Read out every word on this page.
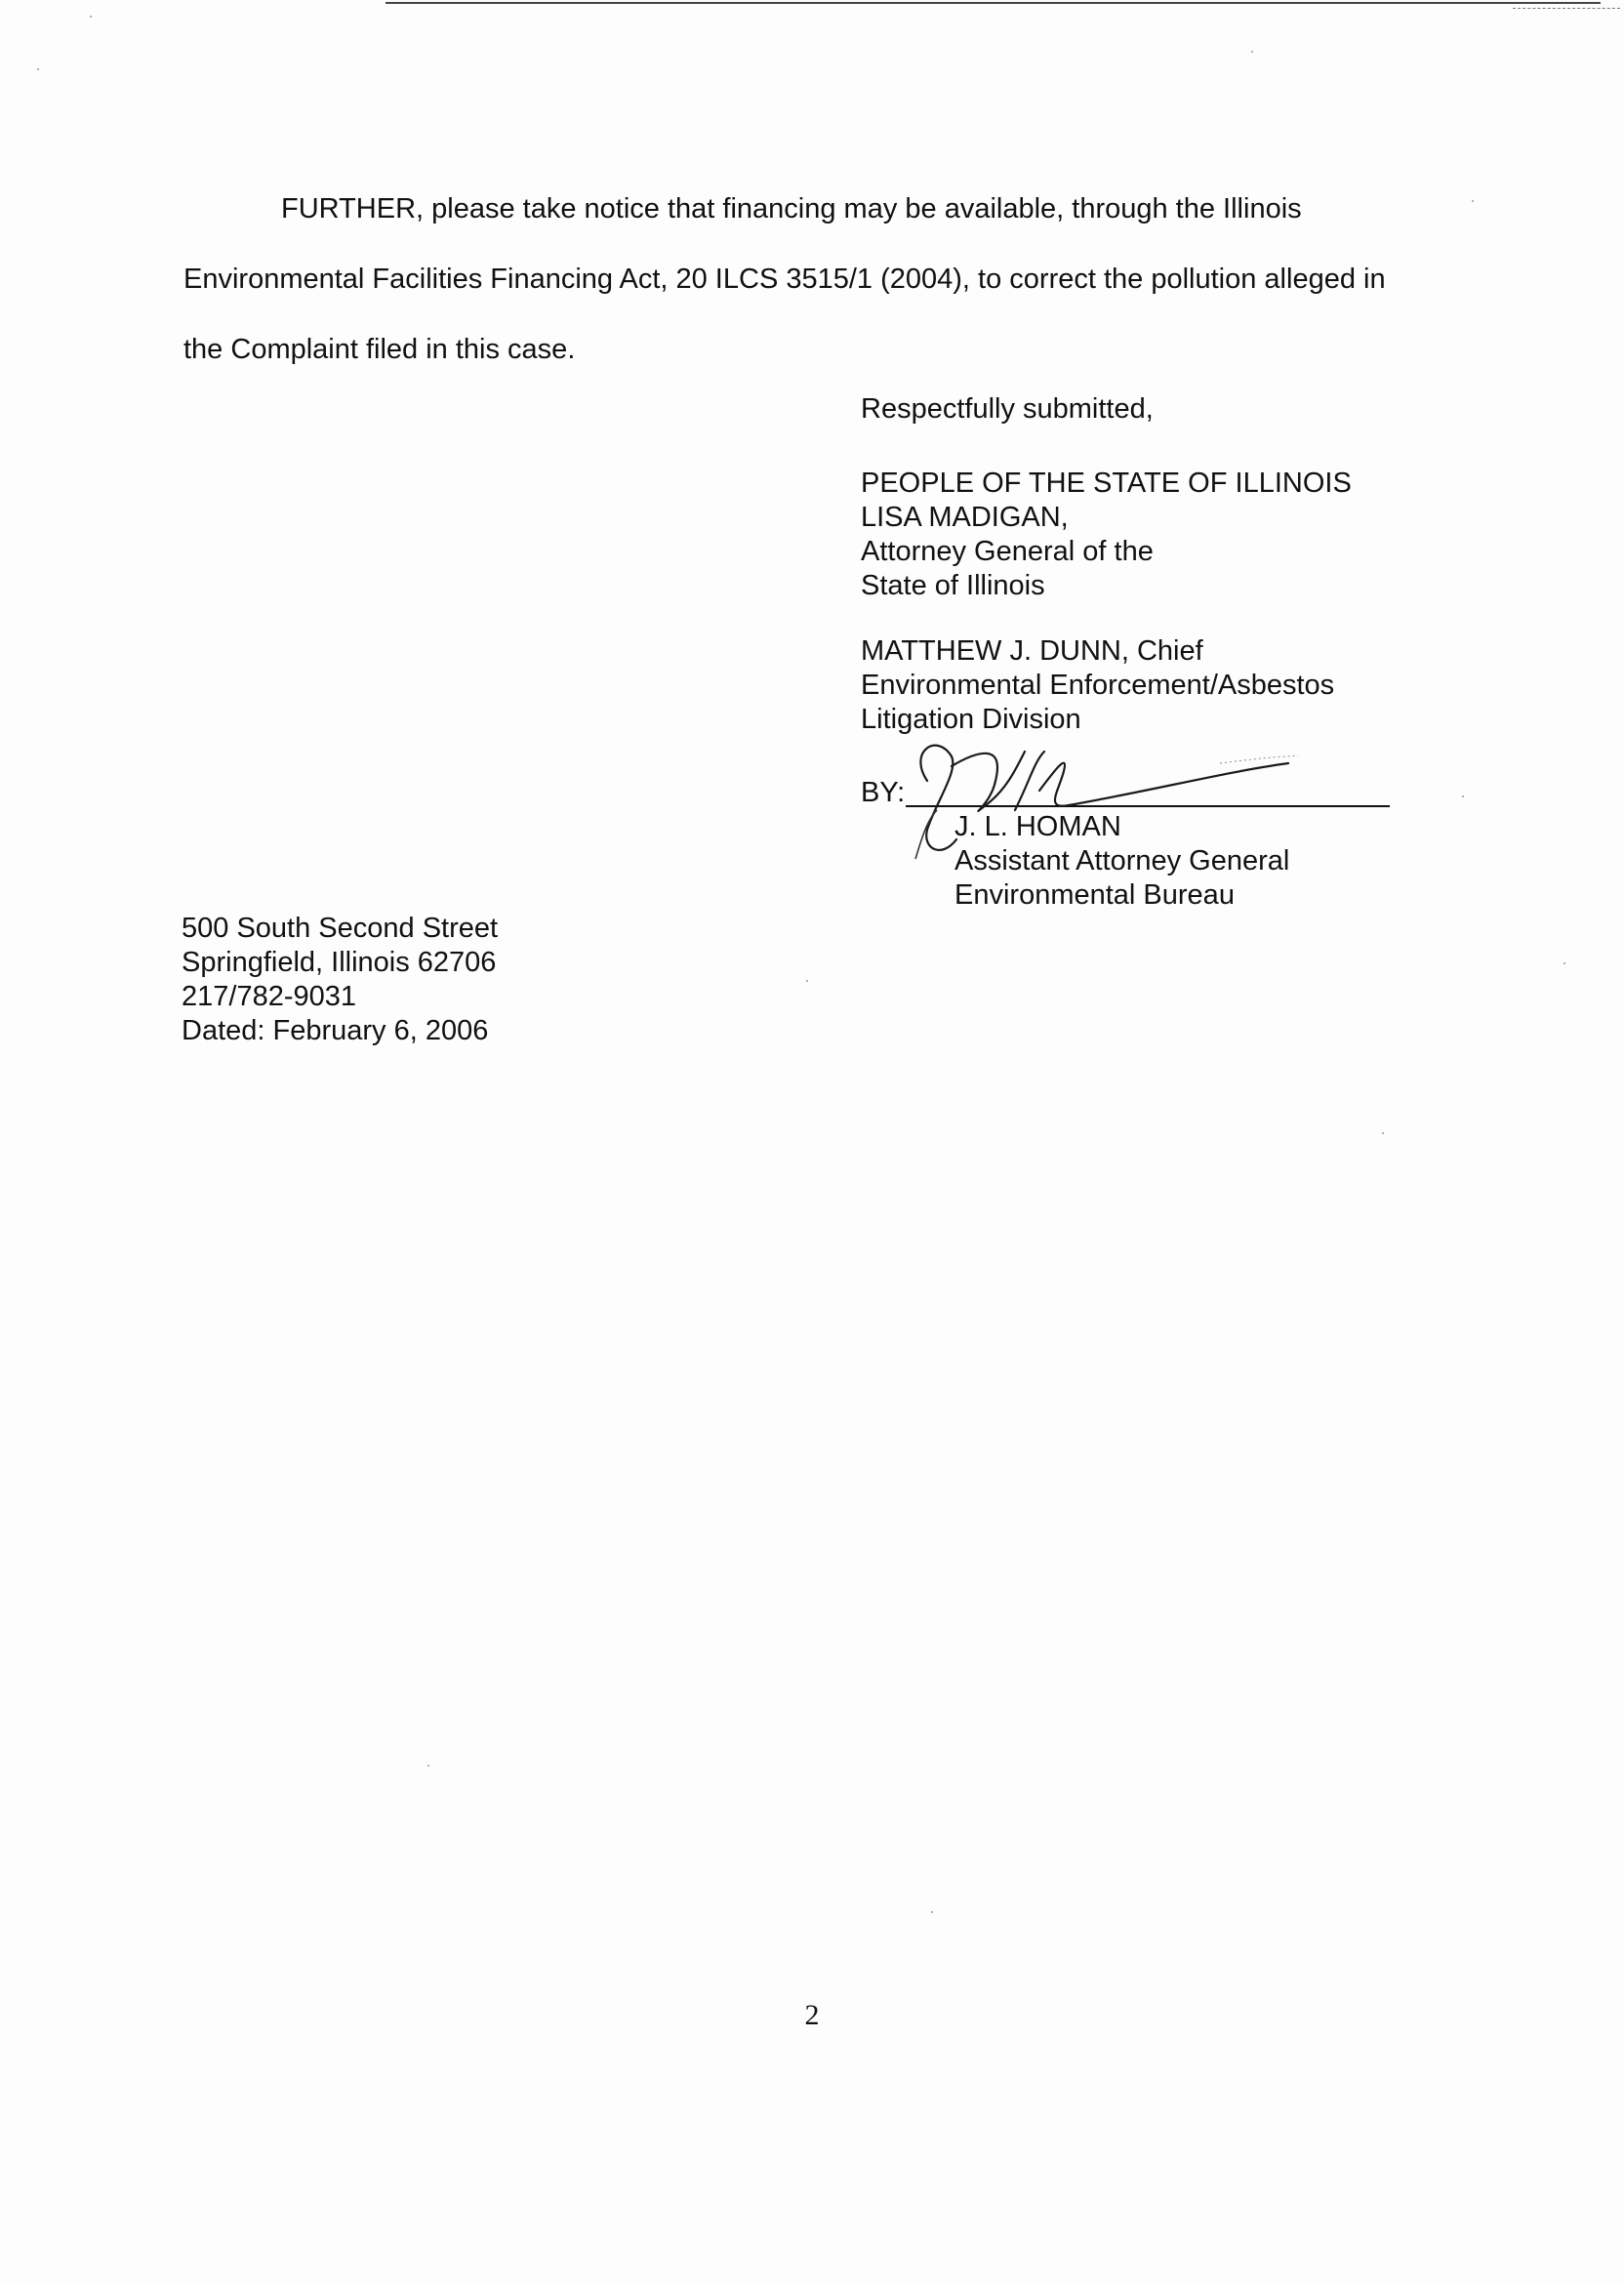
FURTHER, please take notice that financing may be available, through the Illinois
Environmental Facilities Financing Act, 20 ILCS 3515/1 (2004), to correct the pollution alleged in
the Complaint filed in this case.

Respectfully submitted,
PEOPLE OF THE STATE OF ILLINOIS
LISA MADIGAN,
Attorney General of the
State of Illinois
MATTHEW J. DUNN, Chief
Environmental Enforcement/Asbestos
Litigation Division
BY:
J. L. HOMAN
Assistant Attorney General
Environmental Bureau
500 South Second Street
Springfield, Illinois 62706
217/782-9031
Dated: February 6, 2006
2
